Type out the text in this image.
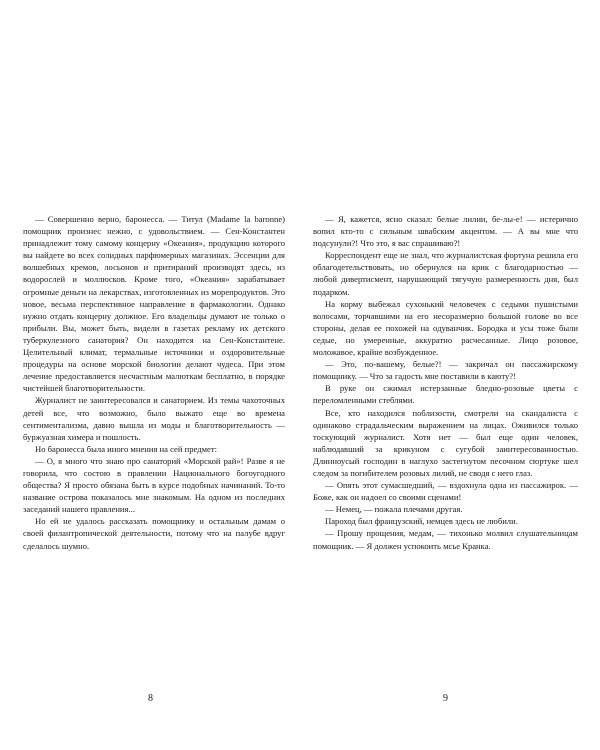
— Совершенно верно, баронесса. — Титул (Madame la baronne) помощник произнес нежно, с удовольствием. — Сен-Константен принадлежит тому самому концерну «Океания», продукцию которого вы найдете во всех солидных парфюмерных магазинах. Эссенции для волшебных кремов, лосьонов и притираний производят здесь, из водорослей и моллюсков. Кроме того, «Океания» зарабатывает огромные деньги на лекарствах, изготовленных из морепродуктов. Это новое, весьма перспективное направление в фармакологии. Однако нужно отдать концерну должное. Его владельцы думают не только о прибыли. Вы, может быть, видели в газетах рекламу их детского туберкулезного санатория? Он находится на Сен-Константене. Целительный климат, термальные источники и оздоровительные процедуры на основе морской биологии делают чудеса. При этом лечение предоставляется несчастным малюткам бесплатно, в порядке чистейшей благотворительности.

Журналист не заинтересовался и санаторием. Из темы чахоточных детей все, что возможно, было выжато еще во времена сентиментализма, давно вышла из моды и благотворительность — буржуазная химера и пошлость.

Но баронесса была иного мнения на сей предмет:

— О, я много что знаю про санаторий «Морской рай»! Разве я не говорила, что состою в правлении Национального богоугодного общества? Я просто обязана быть в курсе подобных начинаний. То-то название острова показалось мне знакомым. На одном из последних заседаний нашего правления...

Но ей не удалось рассказать помощнику и остальным дамам о своей филантропической деятельности, потому что на палубе вдруг сделалось шумно.

8

— Я, кажется, ясно сказал: белые лилии, бе-лы-е! — истерично вопил кто-то с сильным швабским акцентом. — А вы мне что подсунули?! Что это, я вас спрашиваю?!

Корреспондент еще не знал, что журналистская фортуна решила его облагодетельствовать, но обернулся на крик с благодарностью — любой дивертисмент, нарушающий тягучую размеренность дня, был подарком.

На корму выбежал сухонький человечек с седыми пушистыми волосами, торчавшими на его несоразмерно большой голове во все стороны, делая ее похожей на одуванчик. Бородка и усы тоже были седые, но умеренные, аккуратно расчесанные. Лицо розовое, моложавое, крайне возбужденное.

— Это, по-вашему, белые?! — закричал он пассажирскому помощнику. — Что за гадость мне поставили в каюту?!

В руке он сжимал истерзанные бледно-розовые цветы с переломленными стеблями.

Все, кто находился поблизости, смотрели на скандалиста с одинаково страдальческим выражением на лицах. Оживился только тоскующий журналист. Хотя нет — был еще один человек, наблюдавший за крикуном с сугубой заинтересованностью. Длинноусый господин в наглухо застегнутом песочном сюртуке шел следом за погибителем розовых лилий, не сводя с него глаз.

— Опять этот сумасшедший, — вздохнула одна из пассажирок. — Боже, как он надоел со своими сценами!

— Немец, — пожала плечами другая.

Пароход был французский, немцев здесь не любили.

— Прошу прощения, медам, — тихонько молвил слушательницам помощник. — Я должен успокоить мсье Кранка.

9
